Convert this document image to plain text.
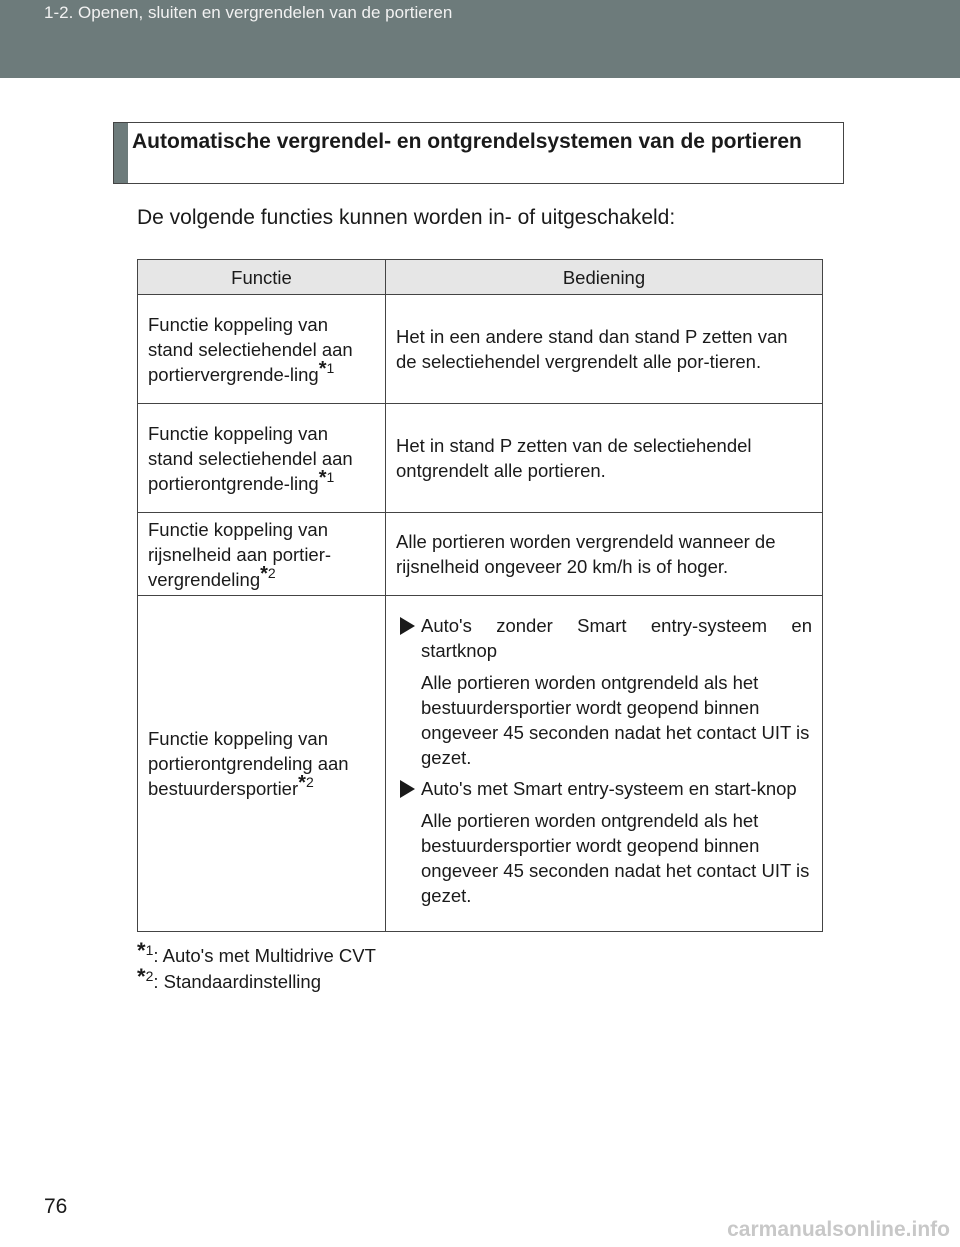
1-2. Openen, sluiten en vergrendelen van de portieren
Automatische vergrendel- en ontgrendelsystemen van de portieren
De volgende functies kunnen worden in- of uitgeschakeld:
Functie	Bediening
Functie koppeling van stand selectiehendel aan portiervergrende-ling$^{*1}$	Het in een andere stand dan stand P zetten van de selectiehendel vergrendelt alle por-tieren.
Functie koppeling van stand selectiehendel aan portierontgrende-ling$^{*1}$	Het in stand P zetten van de selectiehendel ontgrendelt alle portieren.
Functie koppeling van rijsnelheid aan portier-vergrendeling$^{*2}$	Alle portieren worden vergrendeld wanneer de rijsnelheid ongeveer 20 km/h is of hoger.
Functie koppeling van portierontgrendeling aan bestuurdersportier$^{*2}$	Auto's zonder Smart entry-systeem en startknop
Alle portieren worden ontgrendeld als het bestuurdersportier wordt geopend binnen ongeveer 45 seconden nadat het contact UIT is gezet.
Auto's met Smart entry-systeem en start-knop
Alle portieren worden ontgrendeld als het bestuurdersportier wordt geopend binnen ongeveer 45 seconden nadat het contact UIT is gezet.
*$^1$: Auto's met Multidrive CVT
*$^2$: Standaardinstelling
76
carmanualsonline.info
